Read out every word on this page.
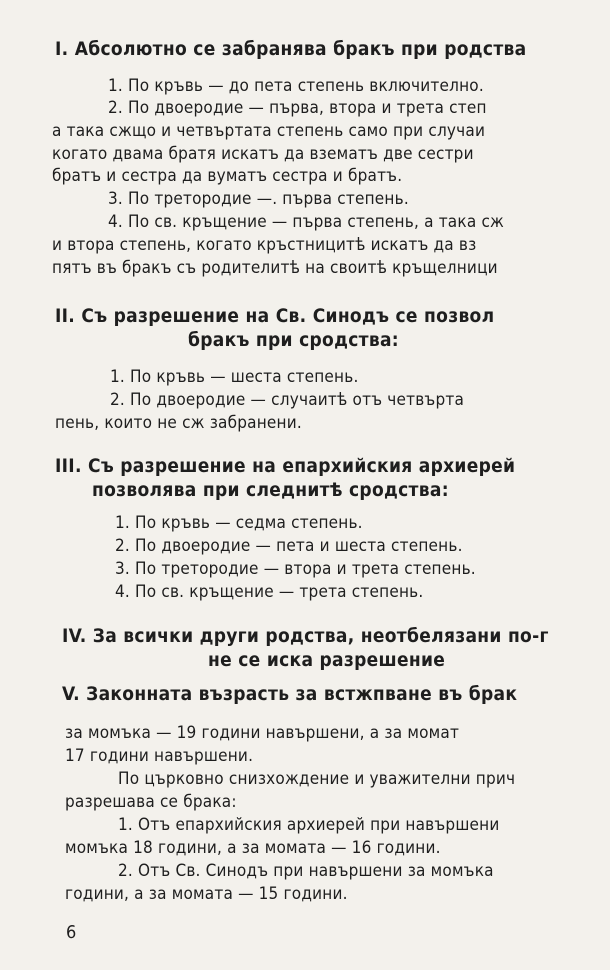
I. Абсолютно се забранява бракъ при родства
1. По кръвь — до пета степень включително.
2. По двоеродие — първа, втора и трета степ
а така сжщо и четвъртата степень само при случаи
когато двама братя искатъ да взематъ две сестри
братъ и сестра да вуматъ сестра и братъ.
3. По третородие —. първа степень.
4. По св. кръщение — първа степень, а така сж
и втора степень, когато кръстницитѣ искатъ да вз
пятъ въ бракъ съ родителитѣ на своитѣ кръщелници
II. Съ разрешение на Св. Синодъ се позвол
бракъ при сродства:
1. По кръвь — шеста степень.
2. По двоеродие — случаитѣ отъ четвърта
пень, които не сж забранени.
III. Съ разрешение на епархийския архиерей
позволява при следнитѣ сродства:
1. По кръвь — седма степень.
2. По двоеродие — пета и шеста степень.
3. По третородие — втора и трета степень.
4. По св. кръщение — трета степень.
IV. За всички други родства, неотбелязани по-г
не се иска разрешение
V. Законната възрасть за встжпване въ брак
за момъка — 19 години навършени, а за момат
17 години навършени.
По църковно снизхождение и уважителни прич
разрешава се брака:
1. Отъ епархийския архиерей при навършени
момъка 18 години, а за момата — 16 години.
2. Отъ Св. Синодъ при навършени за момъка
години, а за момата — 15 години.
6
